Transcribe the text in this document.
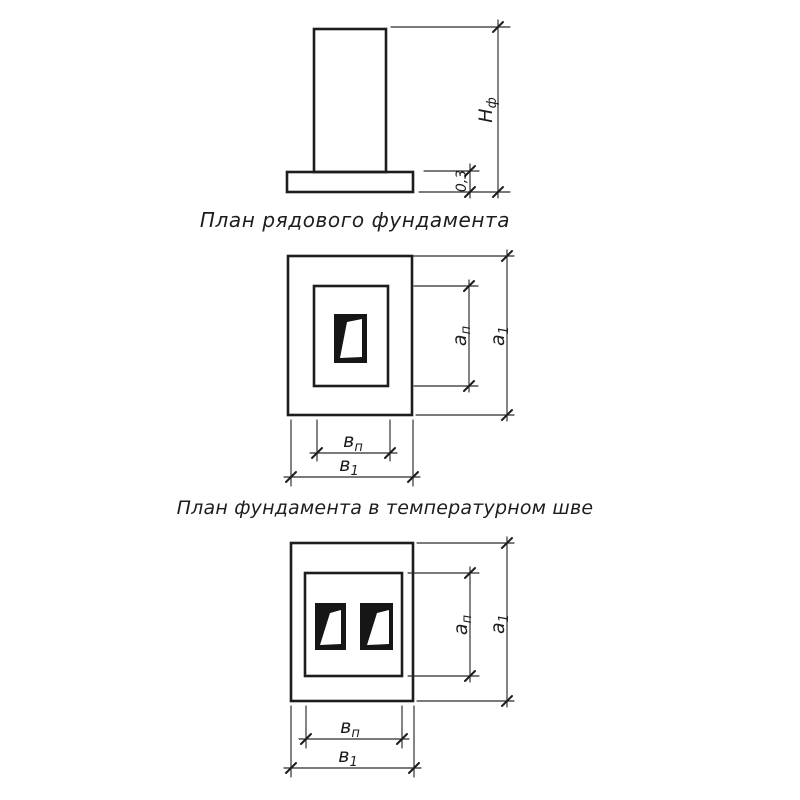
$Н_ф$
0,3
План рядового фундамента
$а_п$
$а_1$
$в_п$
$в_1$
План фундамента в температурном шве
$а_п$
$а_1$
$в_п$
$в_1$
